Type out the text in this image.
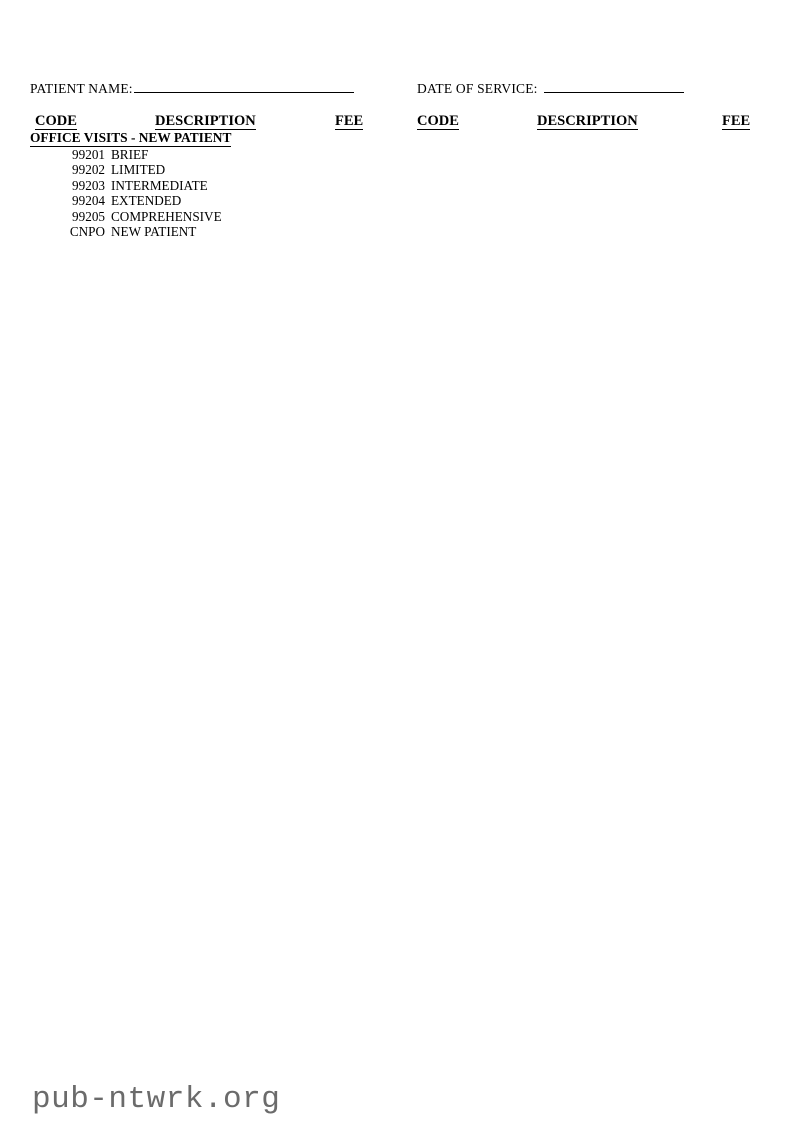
PATIENT NAME:	DATE OF SERVICE:
CODE	DESCRIPTION	FEE	CODE	DESCRIPTION	FEE
OFFICE VISITS - NEW PATIENT
99201 BRIEF
99202 LIMITED
99203 INTERMEDIATE
99204 EXTENDED
99205 COMPREHENSIVE
CNPO NEW PATIENT
pub-ntwrk.org
